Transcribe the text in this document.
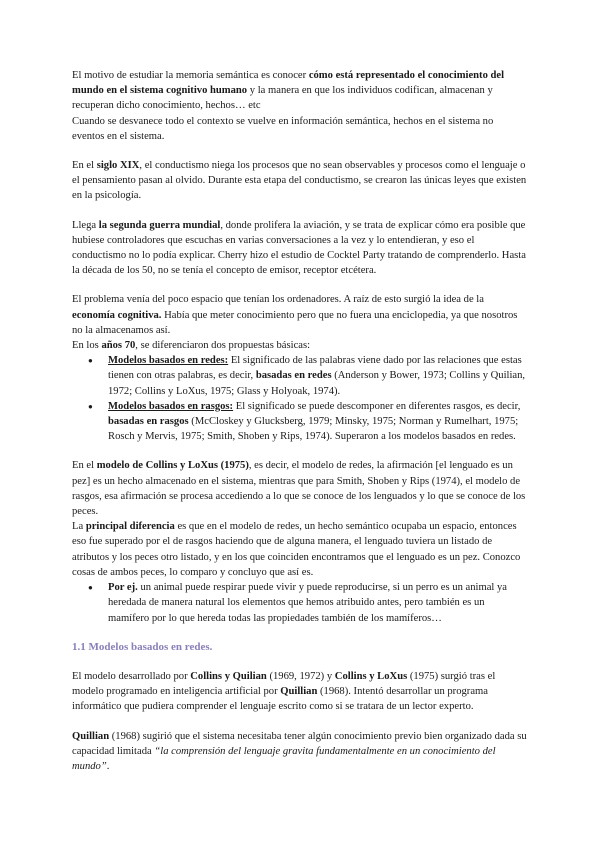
El motivo de estudiar la memoria semántica es conocer cómo está representado el conocimiento del mundo en el sistema cognitivo humano y la manera en que los individuos codifican, almacenan y recuperan dicho conocimiento, hechos… etc

Cuando se desvanece todo el contexto se vuelve en información semántica, hechos en el sistema no eventos en el sistema.

En el siglo XIX, el conductismo niega los procesos que no sean observables y procesos como el lenguaje o el pensamiento pasan al olvido. Durante esta etapa del conductismo, se crearon las únicas leyes que existen en la psicología.

Llega la segunda guerra mundial, donde prolifera la aviación, y se trata de explicar cómo era posible que hubiese controladores que escuchas en varias conversaciones a la vez y lo entendieran, y eso el conductismo no lo podía explicar. Cherry hizo el estudio de Cocktel Party tratando de comprenderlo. Hasta la década de los 50, no se tenía el concepto de emisor, receptor etcétera.

El problema venía del poco espacio que tenían los ordenadores. A raíz de esto surgió la idea de la economía cognitiva. Había que meter conocimiento pero que no fuera una enciclopedia, ya que nosotros no la almacenamos así.

En los años 70, se diferenciaron dos propuestas básicas:

● Modelos basados en redes: El significado de las palabras viene dado por las relaciones que estas tienen con otras palabras, es decir, basadas en redes (Anderson y Bower, 1973; Collins y Quilian, 1972; Collins y LoXus, 1975; Glass y Holyoak, 1974).
● Modelos basados en rasgos: El significado se puede descomponer en diferentes rasgos, es decir, basadas en rasgos (McCloskey y Glucksberg, 1979; Minsky, 1975; Norman y Rumelhart, 1975; Rosch y Mervis, 1975; Smith, Shoben y Rips, 1974). Superaron a los modelos basados en redes.

En el modelo de Collins y LoXus (1975), es decir, el modelo de redes, la afirmación [el lenguado es un pez] es un hecho almacenado en el sistema, mientras que para Smith, Shoben y Rips (1974), el modelo de rasgos, esa afirmación se procesa accediendo a lo que se conoce de los lenguados y lo que se conoce de los peces.

La principal diferencia es que en el modelo de redes, un hecho semántico ocupaba un espacio, entonces eso fue superado por el de rasgos haciendo que de alguna manera, el lenguado tuviera un listado de atributos y los peces otro listado, y en los que coinciden encontramos que el lenguado es un pez. Conozco cosas de ambos peces, lo comparo y concluyo que así es.

● Por ej. un animal puede respirar puede vivir y puede reproducirse, si un perro es un animal ya heredada de manera natural los elementos que hemos atribuido antes, pero también es un mamífero por lo que hereda todas las propiedades también de los mamíferos…

1.1 Modelos basados en redes.

El modelo desarrollado por Collins y Quilian (1969, 1972) y Collins y LoXus (1975) surgió tras el modelo programado en inteligencia artificial por Quillian (1968). Intentó desarrollar un programa informático que pudiera comprender el lenguaje escrito como si se tratara de un lector experto.

Quillian (1968) sugirió que el sistema necesitaba tener algún conocimiento previo bien organizado dada su capacidad limitada “la comprensión del lenguaje gravita fundamentalmente en un conocimiento del mundo”.
